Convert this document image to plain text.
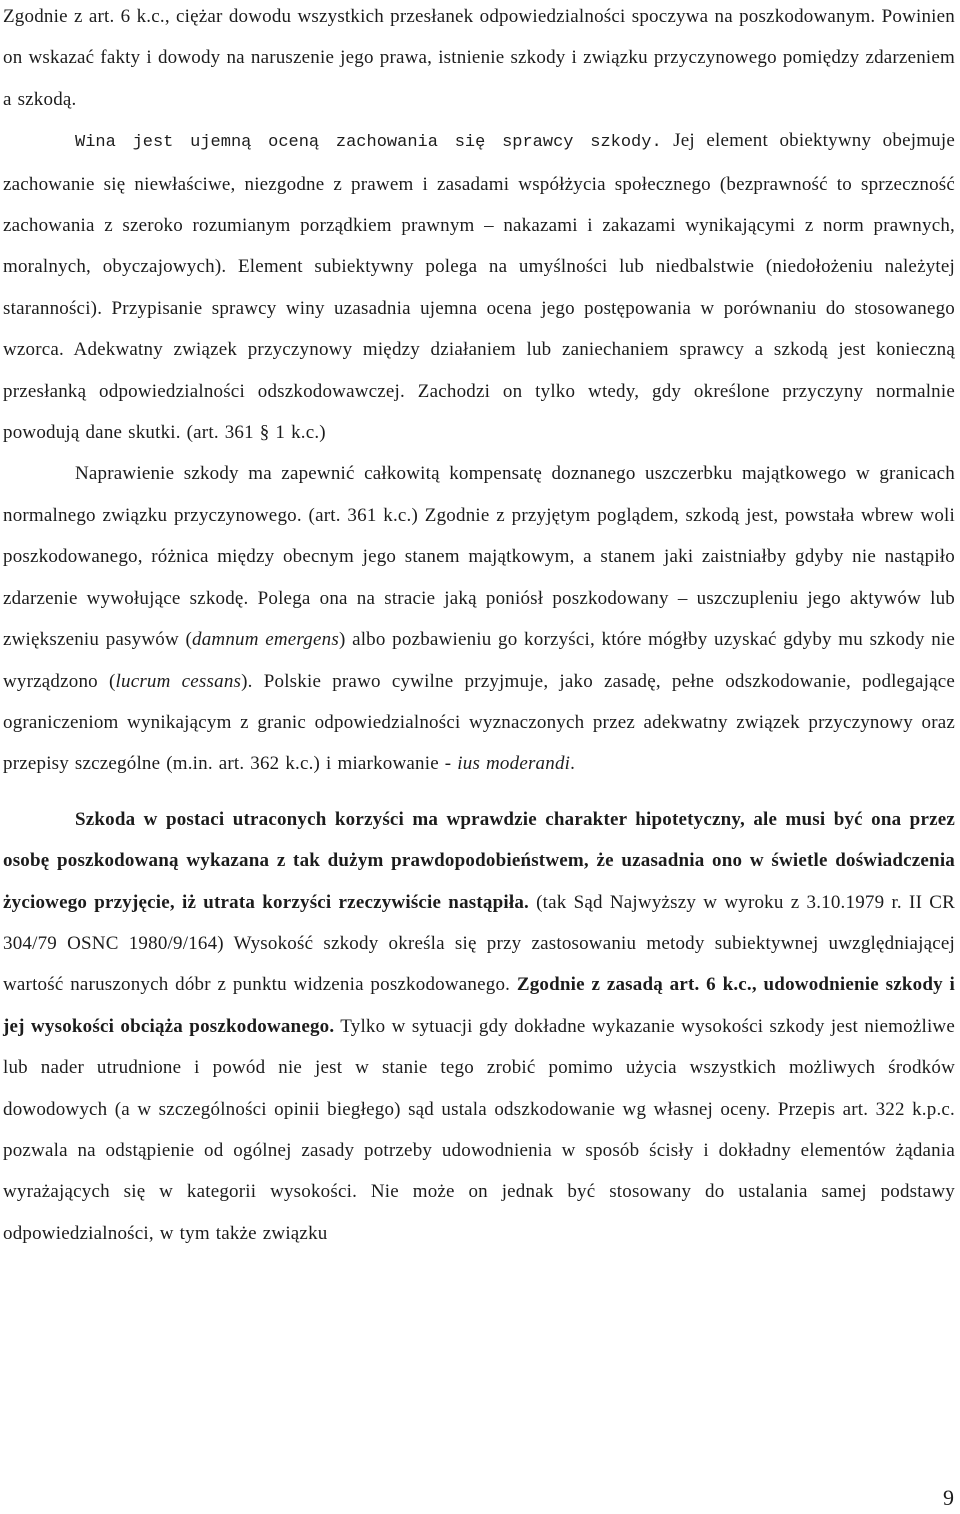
Zgodnie z art. 6 k.c., ciężar dowodu wszystkich przesłanek odpowiedzialności spoczywa na poszkodowanym. Powinien on wskazać fakty i dowody na naruszenie jego prawa, istnienie szkody i związku przyczynowego pomiędzy zdarzeniem a szkodą.

Wina jest ujemną oceną zachowania się sprawcy szkody. Jej element obiektywny obejmuje zachowanie się niewłaściwe, niezgodne z prawem i zasadami współżycia społecznego (bezprawność to sprzeczność zachowania z szeroko rozumianym porządkiem prawnym – nakazami i zakazami wynikającymi z norm prawnych, moralnych, obyczajowych). Element subiektywny polega na umyślności lub niedbalstwie (niedołożeniu należytej staranności). Przypisanie sprawcy winy uzasadnia ujemna ocena jego postępowania w porównaniu do stosowanego wzorca. Adekwatny związek przyczynowy między działaniem lub zaniechaniem sprawcy a szkodą jest konieczną przesłanką odpowiedzialności odszkodowawczej. Zachodzi on tylko wtedy, gdy określone przyczyny normalnie powodują dane skutki. (art. 361 § 1 k.c.)

Naprawienie szkody ma zapewnić całkowitą kompensatę doznanego uszczerbku majątkowego w granicach normalnego związku przyczynowego. (art. 361 k.c.) Zgodnie z przyjętym poglądem, szkodą jest, powstała wbrew woli poszkodowanego, różnica między obecnym jego stanem majątkowym, a stanem jaki zaistniałby gdyby nie nastąpiło zdarzenie wywołujące szkodę. Polega ona na stracie jaką poniósł poszkodowany – uszczupleniu jego aktywów lub zwiększeniu pasywów (damnum emergens) albo pozbawieniu go korzyści, które mógłby uzyskać gdyby mu szkody nie wyrządzono (lucrum cessans). Polskie prawo cywilne przyjmuje, jako zasadę, pełne odszkodowanie, podlegające ograniczeniom wynikającym z granic odpowiedzialności wyznaczonych przez adekwatny związek przyczynowy oraz przepisy szczególne (m.in. art. 362 k.c.) i miarkowanie - ius moderandi.

Szkoda w postaci utraconych korzyści ma wprawdzie charakter hipotetyczny, ale musi być ona przez osobę poszkodowaną wykazana z tak dużym prawdopodobieństwem, że uzasadnia ono w świetle doświadczenia życiowego przyjęcie, iż utrata korzyści rzeczywiście nastąpiła. (tak Sąd Najwyższy w wyroku z 3.10.1979 r. II CR 304/79 OSNC 1980/9/164) Wysokość szkody określa się przy zastosowaniu metody subiektywnej uwzględniającej wartość naruszonych dóbr z punktu widzenia poszkodowanego. Zgodnie z zasadą art. 6 k.c., udowodnienie szkody i jej wysokości obciąża poszkodowanego. Tylko w sytuacji gdy dokładne wykazanie wysokości szkody jest niemożliwe lub nader utrudnione i powód nie jest w stanie tego zrobić pomimo użycia wszystkich możliwych środków dowodowych (a w szczególności opinii biegłego) sąd ustala odszkodowanie wg własnej oceny. Przepis art. 322 k.p.c. pozwala na odstąpienie od ogólnej zasady potrzeby udowodnienia w sposób ścisły i dokładny elementów żądania wyrażających się w kategorii wysokości. Nie może on jednak być stosowany do ustalania samej podstawy odpowiedzialności, w tym także związku

9
